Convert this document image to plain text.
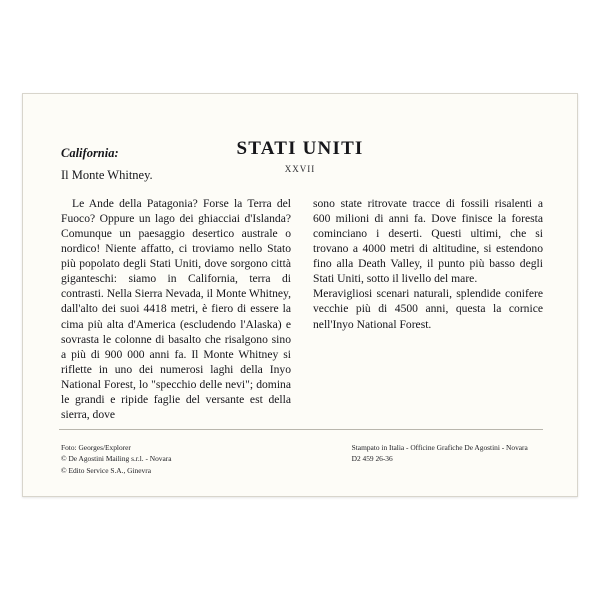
STATI UNITI
XXVII
California:
Il Monte Whitney.

Le Ande della Patagonia? Forse la Terra del Fuoco? Oppure un lago dei ghiacciai d'Islanda? Comunque un paesaggio desertico australe o nordico! Niente affatto, ci troviamo nello Stato più popolato degli Stati Uniti, dove sorgono città giganteschi: siamo in California, terra di contrasti. Nella Sierra Nevada, il Monte Whitney, dall'alto dei suoi 4418 metri, è fiero di essere la cima più alta d'America (escludendo l'Alaska) e sovrasta le colonne di basalto che risalgono sino a più di 900 000 anni fa. Il Monte Whitney si riflette in uno dei numerosi laghi della Inyo National Forest, lo "specchio delle nevi"; domina le grandi e ripide faglie del versante est della sierra, dove

sono state ritrovate tracce di fossili risalenti a 600 milioni di anni fa. Dove finisce la foresta cominciano i deserti. Questi ultimi, che si trovano a 4000 metri di altitudine, si estendono fino alla Death Valley, il punto più basso degli Stati Uniti, sotto il livello del mare.

Meravigliosi scenari naturali, splendide conifere vecchie più di 4500 anni, questa la cornice nell'Inyo National Forest.

Foto: Georges/Explorer
© De Agostini Mailing s.r.l. - Novara
© Edito Service S.A., Ginevra
Stampato in Italia - Officine Grafiche De Agostini - Novara
D2 459 26-36
